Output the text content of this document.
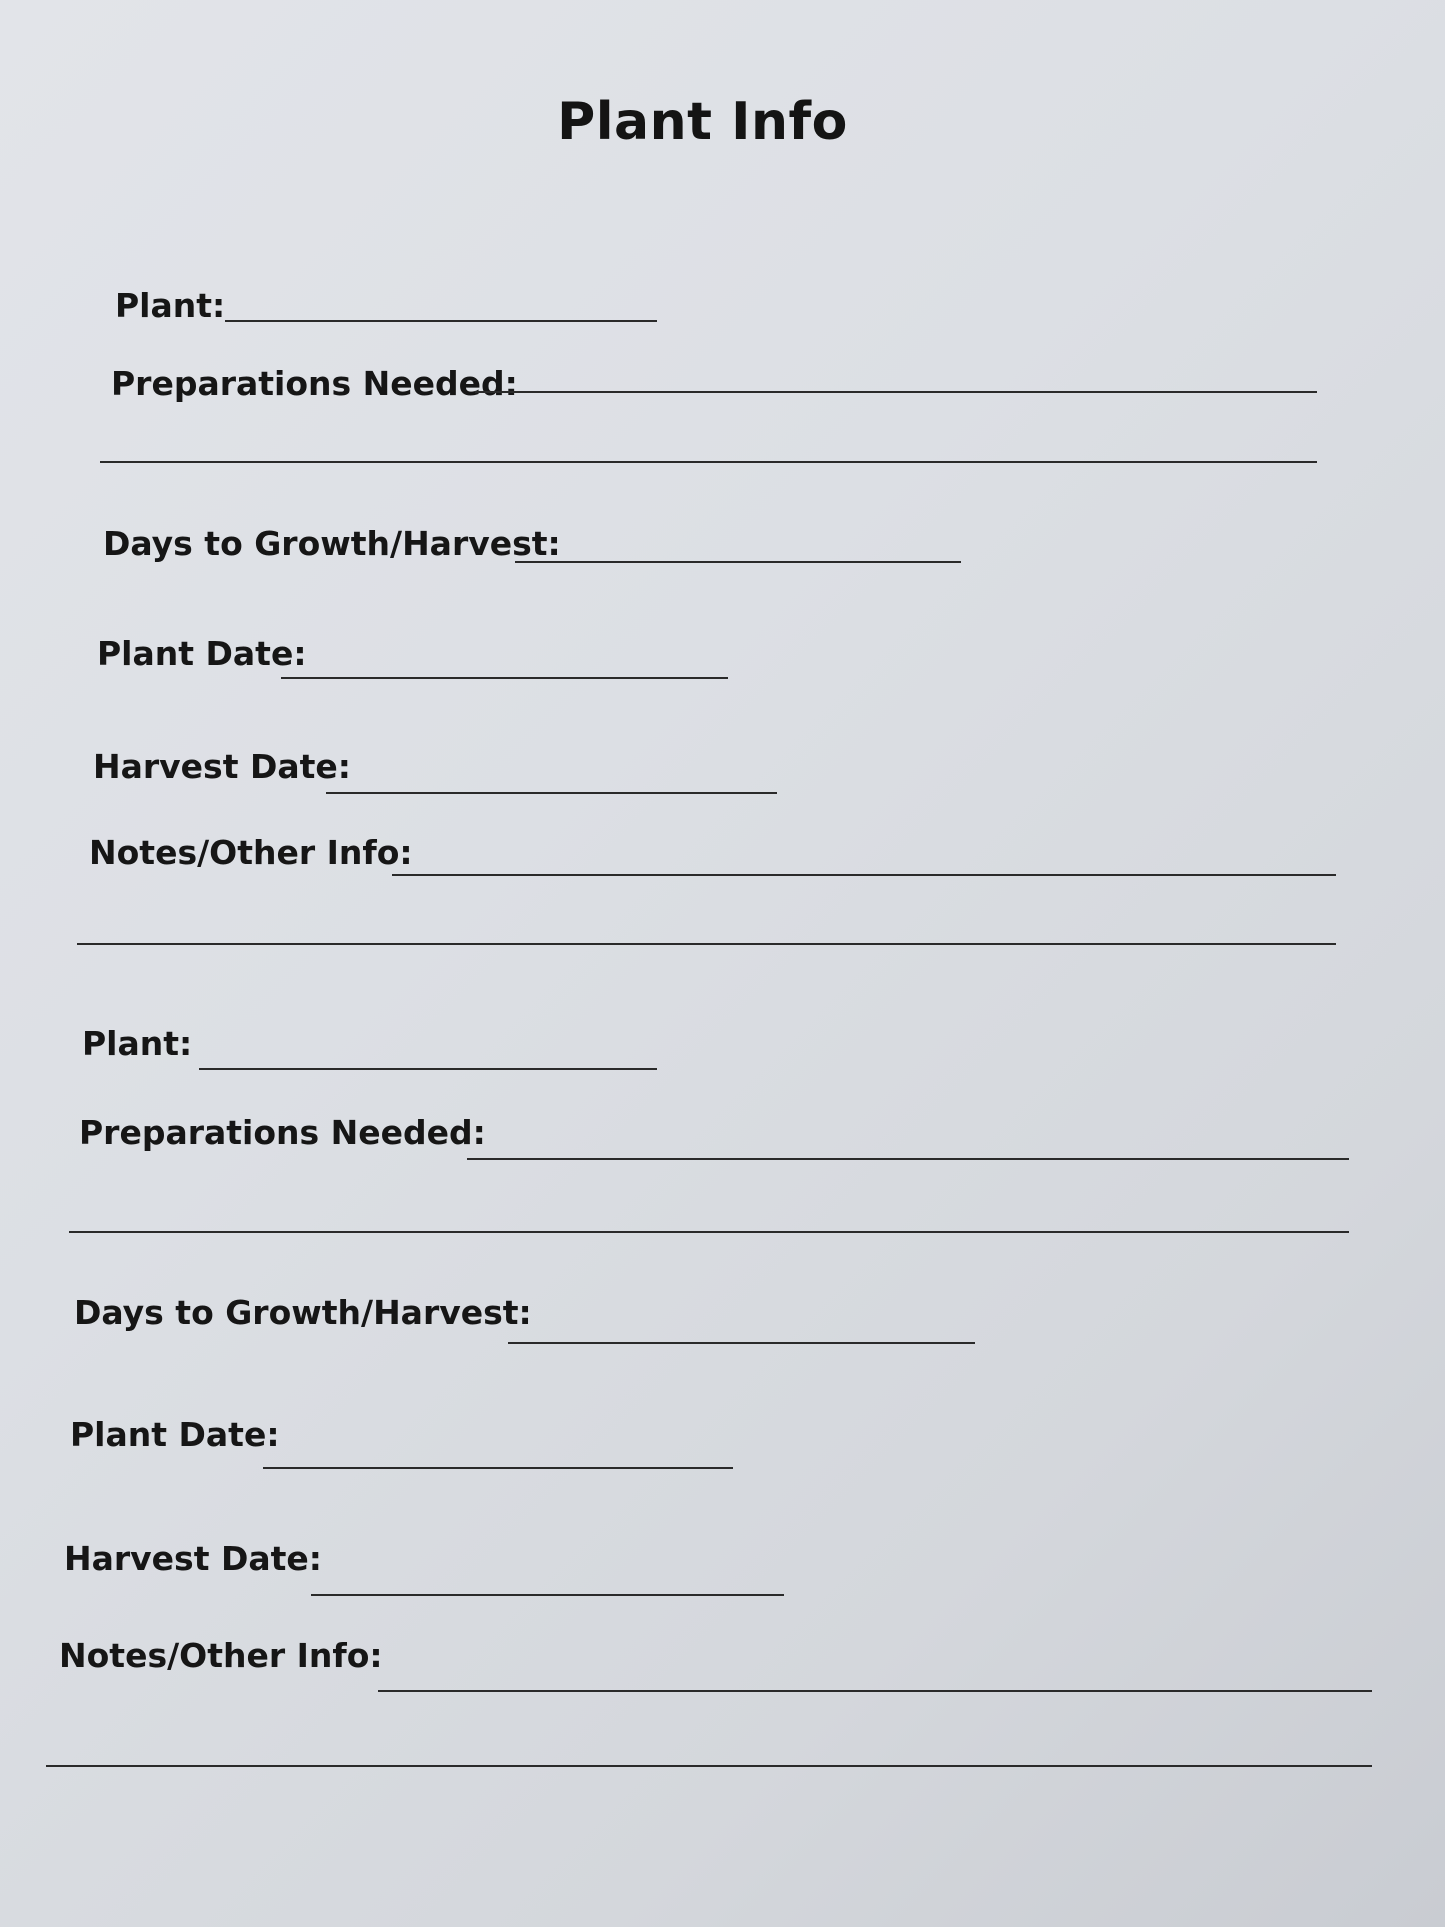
Plant Info
Plant:
Preparations Needed:
Days to Growth/Harvest:
Plant Date:
Harvest Date:
Notes/Other Info:
Plant:
Preparations Needed:
Days to Growth/Harvest:
Plant Date:
Harvest Date:
Notes/Other Info:
